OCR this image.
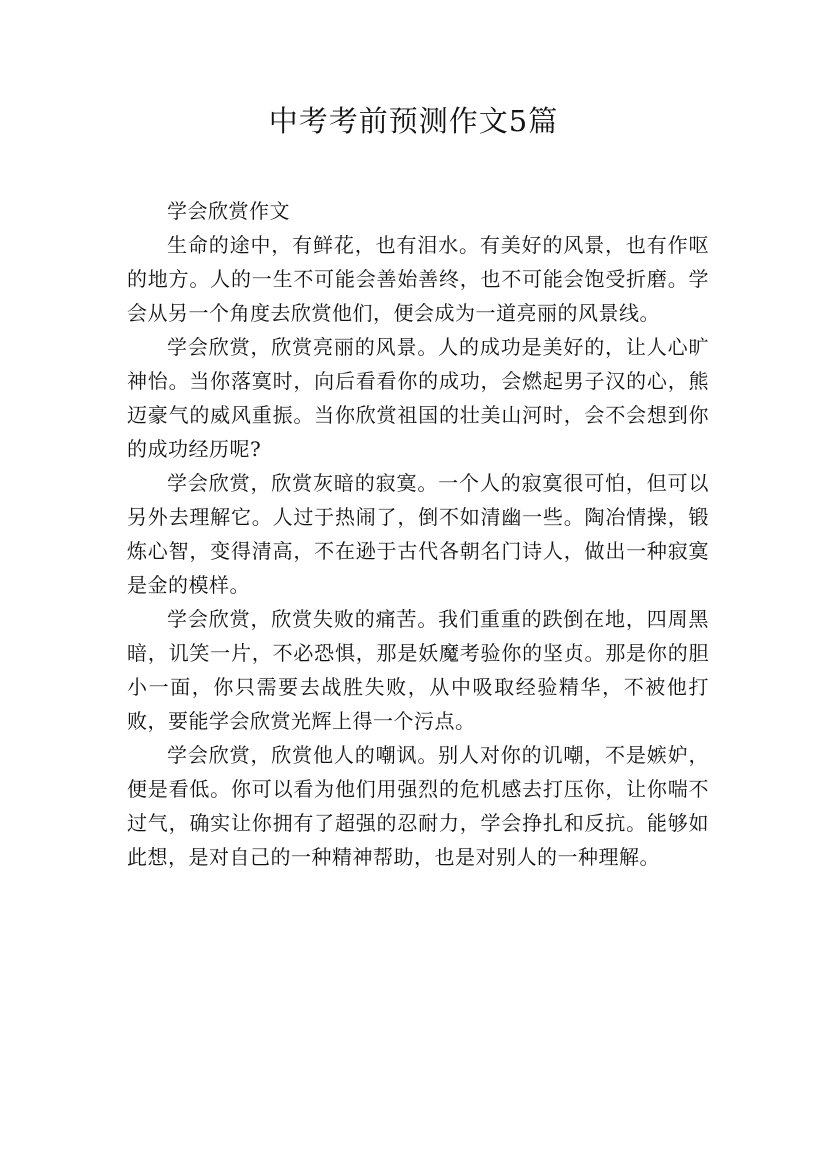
中考考前预测作文5篇

学会欣赏作文

生命的途中，有鲜花，也有泪水。有美好的风景，也有作呕的地方。人的一生不可能会善始善终，也不可能会饱受折磨。学会从另一个角度去欣赏他们，便会成为一道亮丽的风景线。

学会欣赏，欣赏亮丽的风景。人的成功是美好的，让人心旷神怡。当你落寞时，向后看看你的成功，会燃起男子汉的心，熊迈豪气的威风重振。当你欣赏祖国的壮美山河时，会不会想到你的成功经历呢?

学会欣赏，欣赏灰暗的寂寞。一个人的寂寞很可怕，但可以另外去理解它。人过于热闹了，倒不如清幽一些。陶冶情操，锻炼心智，变得清高，不在逊于古代各朝名门诗人，做出一种寂寞是金的模样。

学会欣赏，欣赏失败的痛苦。我们重重的跌倒在地，四周黑暗，讥笑一片，不必恐惧，那是妖魔考验你的坚贞。那是你的胆小一面，你只需要去战胜失败，从中吸取经验精华，不被他打败，要能学会欣赏光辉上得一个污点。

学会欣赏，欣赏他人的嘲讽。别人对你的讥嘲，不是嫉妒，便是看低。你可以看为他们用强烈的危机感去打压你，让你喘不过气，确实让你拥有了超强的忍耐力，学会挣扎和反抗。能够如此想，是对自己的一种精神帮助，也是对别人的一种理解。
